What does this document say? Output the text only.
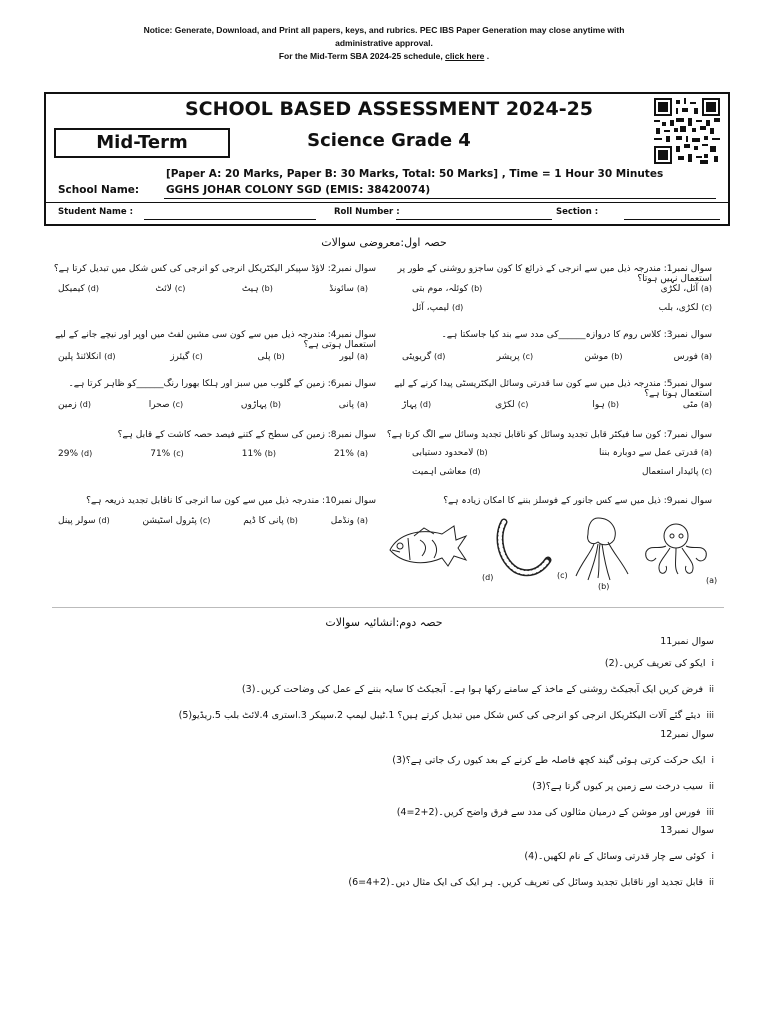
Notice: Generate, Download, and Print all papers, keys, and rubrics. PEC IBS Paper Generation may close anytime with
administrative approval.
For the Mid-Term SBA 2024-25 schedule, click here .
SCHOOL BASED ASSESSMENT 2024-25
Mid-Term	Science Grade 4
[Paper A: 20 Marks, Paper B: 30 Marks, Total: 50 Marks] , Time = 1 Hour 30 Minutes
School Name:	GGHS JOHAR COLONY SGD (EMIS: 38420074)
Student Name :	Roll Number :	Section :
حصہ اول:معروضی سوالات
سوال نمبر1: مندرجہ ذیل میں سے انرجی کے ذرائع کا کون ساجزو روشنی کے طور پر استعمال نہیں ہوتا؟
(a) آئل، لکڑی
(b) کوئلہ، موم بتی
(c) لکڑی، بلب
(d) لیمپ، آئل
سوال نمبر2: لاؤڈ سپیکر الیکٹریکل انرجی کو انرجی کی کس شکل میں تبدیل کرتا ہے؟
(a) سائونڈ
(b) ہیٹ
(c) لائٹ
(d) کیمیکل
سوال نمبر3: کلاس روم کا دروازہ______کی مدد سے بند کیا جاسکتا ہے۔
(a) فورس
(b) موشن
(c) پریشر
(d) گریویٹی
سوال نمبر4: مندرجہ ذیل میں سے کون سی مشین لفٹ میں اوپر اور نیچے جانے کے لیے استعمال ہوتی ہے؟
(a) لیور
(b) پلی
(c) گیئرز
(d) انکلائنڈ پلین
سوال نمبر5: مندرجہ ذیل میں سے کون سا قدرتی وسائل الیکٹریسٹی پیدا کرنے کے لیے استعمال ہوتا ہے؟
(a) مٹی
(b) ہوا
(c) لکڑی
(d) پہاڑ
سوال نمبر6: زمین کے گلوب میں سبز اور ہلکا بھورا رنگ______کو ظاہر کرتا ہے۔
(a) پانی
(b) پہاڑوں
(c) صحرا
(d) زمین
سوال نمبر7: کون سا فیکٹر قابل تجدید وسائل کو ناقابل تجدید وسائل سے الگ کرتا ہے؟
(a) قدرتی عمل سے دوبارہ بننا
(b) لامحدود دستیابی
(c) پائیدار استعمال
(d) معاشی اہمیت
سوال نمبر8: زمین کی سطح کے کتنے فیصد حصہ کاشت کے قابل ہے؟
(a) 21%
(b) 11%
(c) 71%
(d) 29%
سوال نمبر9: ذیل میں سے کس جانور کے فوسلز بننے کا امکان زیادہ ہے؟
(d)	(c)
(b)
(a)
سوال نمبر10: مندرجہ ذیل میں سے کون سا انرجی کا ناقابل تجدید ذریعہ ہے؟
(a) ونڈمل
(b) پانی کا ڈیم
(c) پٹرول اسٹیشن
(d) سولر پینل
حصہ دوم:انشائیہ سوالات
سوال نمبر11
iایکو کی تعریف کریں۔(2)
iiفرض کریں ایک آبجیکٹ روشنی کے ماخذ کے سامنے رکھا ہوا ہے۔ آبجیکٹ کا سایہ بننے کے عمل کی وضاحت کریں۔(3)
iiiدیئے گئے آلات الیکٹریکل انرجی کو انرجی کی کس شکل میں تبدیل کرتے ہیں؟ 1.ٹیبل لیمپ 2.سپیکر 3.استری 4.لائٹ بلب 5.ریڈیو(5)
سوال نمبر12
iایک حرکت کرتی ہوئی گیند کچھ فاصلہ طے کرنے کے بعد کیوں رک جاتی ہے؟(3)
iiسیب درخت سے زمین پر کیوں گرتا ہے؟(3)
iiiفورس اور موشن کے درمیان مثالوں کی مدد سے فرق واضح کریں۔(2+2=4)
سوال نمبر13
iکوئی سے چار قدرتی وسائل کے نام لکھیں۔(4)
iiقابل تجدید اور ناقابل تجدید وسائل کی تعریف کریں۔ ہر ایک کی ایک مثال دیں۔(2+4=6)
